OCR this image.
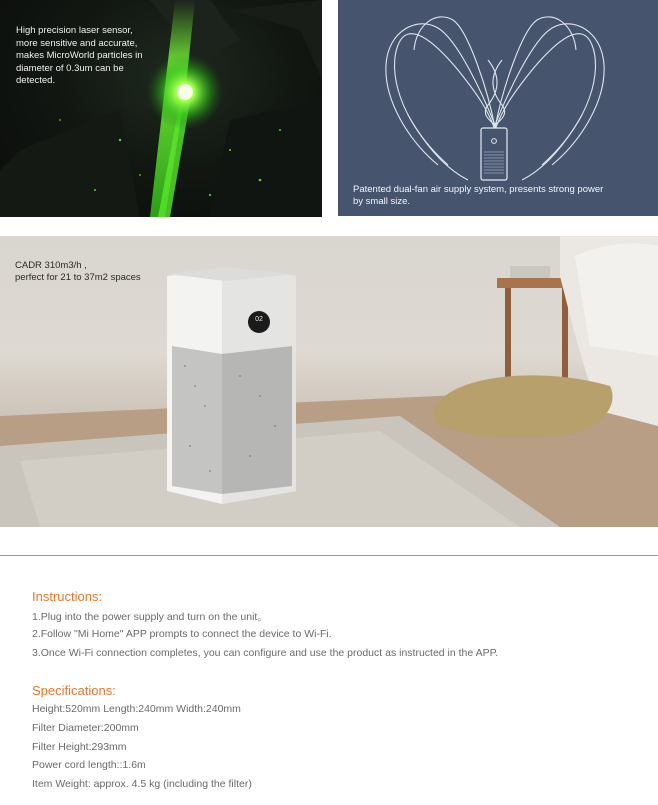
High precision laser sensor, more sensitive and accurate, makes MicroWorld particles in diameter of 0.3um can be detected.
Patented dual-fan air supply system, presents strong power by small size.
CADR 310m3/h ,
perfect for 21 to 37m2 spaces
02
Instructions:
1.Plug into the power supply and turn on the unit。
2.Follow "Mi Home" APP prompts to connect the device to Wi-Fi.
3.Once Wi-Fi connection completes, you can configure and use the product as instructed in the APP.
Specifications:
Height:520mm Length:240mm Width:240mm
Filter Diameter:200mm
Filter Height:293mm
Power cord length::1.6m
Item Weight: approx. 4.5 kg (including the filter)
